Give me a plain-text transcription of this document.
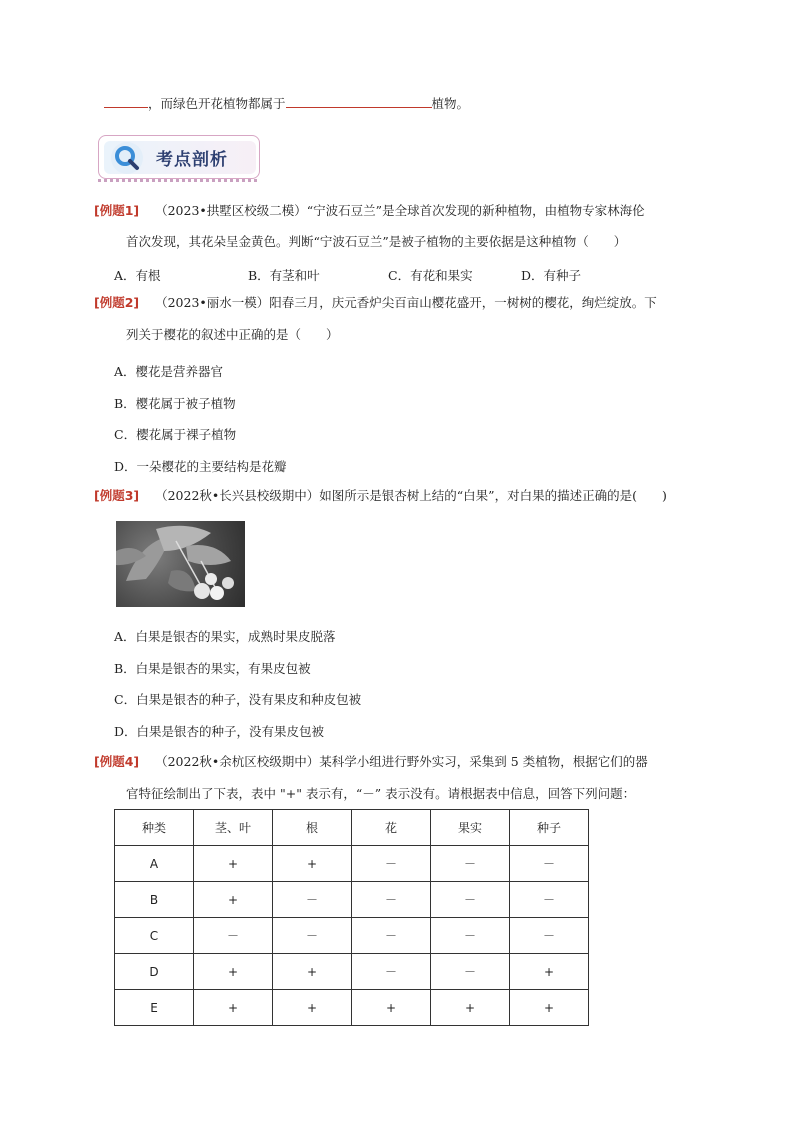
，而绿色开花植物都属于	植物。
考点剖析
[例题1] （2023•拱墅区校级二模）“宁波石豆兰”是全球首次发现的新种植物，由植物专家林海伦
首次发现，其花朵呈金黄色。判断“宁波石豆兰”是被子植物的主要依据是这种植物（　　）
A．有根	B．有茎和叶	C．有花和果实	D．有种子
[例题2] （2023•丽水一模）阳春三月，庆元香炉尖百亩山樱花盛开，一树树的樱花，绚烂绽放。下
列关于樱花的叙述中正确的是（　　）
A．樱花是营养器官
B．樱花属于被子植物
C．樱花属于裸子植物
D．一朵樱花的主要结构是花瓣
[例题3] （2022秋•长兴县校级期中）如图所示是银杏树上结的“白果”，对白果的描述正确的是(　　)
A．白果是银杏的果实，成熟时果皮脱落
B．白果是银杏的果实，有果皮包被
C．白果是银杏的种子，没有果皮和种皮包被
D．白果是银杏的种子，没有果皮包被
[例题4] （2022秋•余杭区校级期中）某科学小组进行野外实习，采集到 5 类植物，根据它们的器
官特征绘制出了下表，表中 "+" 表示有，“－” 表示没有。请根据表中信息，回答下列问题：
种类	茎、叶	根	花	果实	种子
A	+	+	－	－	－
B	+	－	－	－	－
C	－	－	－	－	－
D	+	+	－	－	+
E	+	+	+	+	+
